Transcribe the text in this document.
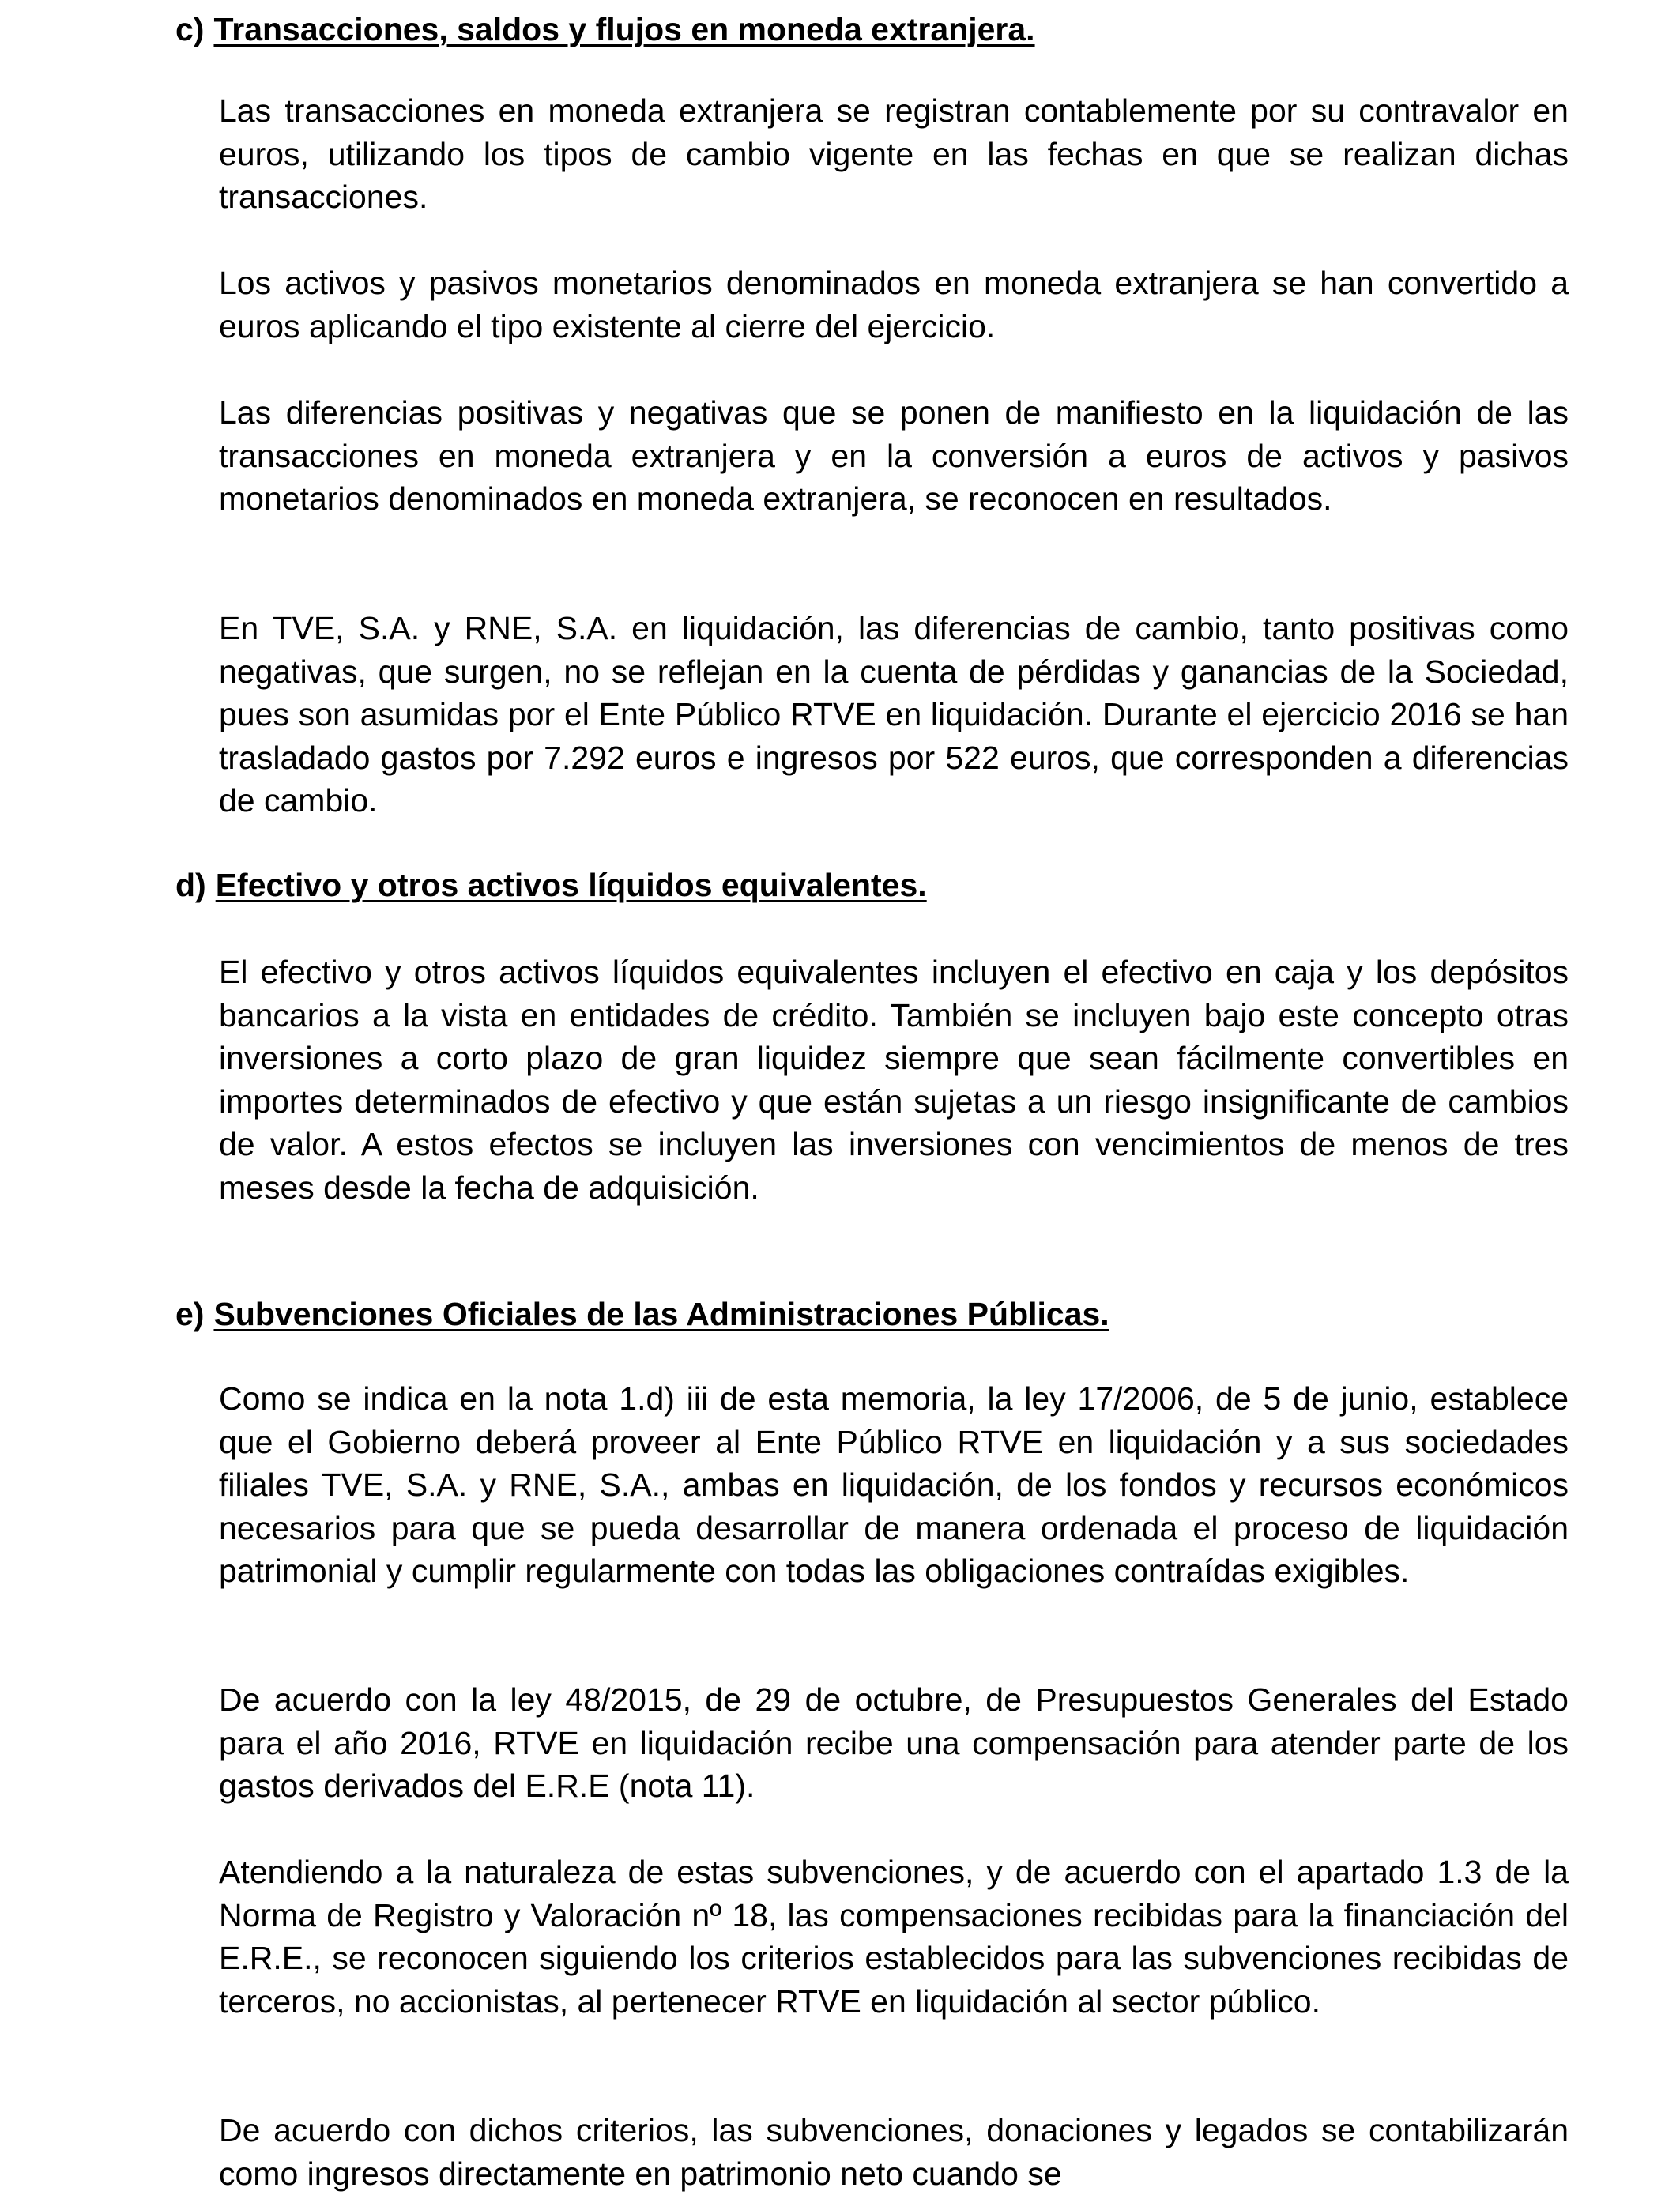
c) Transacciones, saldos y flujos en moneda extranjera.

Las transacciones en moneda extranjera se registran contablemente por su contravalor en euros, utilizando los tipos de cambio vigente en las fechas en que se realizan dichas transacciones.

Los activos y pasivos monetarios denominados en moneda extranjera se han convertido a euros aplicando el tipo existente al cierre del ejercicio.

Las diferencias positivas y negativas que se ponen de manifiesto en la liquidación de las transacciones en moneda extranjera y en la conversión a euros de activos y pasivos monetarios denominados en moneda extranjera, se reconocen en resultados.

En TVE, S.A. y RNE, S.A. en liquidación, las diferencias de cambio, tanto positivas como negativas, que surgen, no se reflejan en la cuenta de pérdidas y ganancias de la Sociedad, pues son asumidas por el Ente Público RTVE en liquidación. Durante el ejercicio 2016 se han trasladado gastos por 7.292 euros e ingresos por 522 euros, que corresponden a diferencias de cambio.

d) Efectivo y otros activos líquidos equivalentes.

El efectivo y otros activos líquidos equivalentes incluyen el efectivo en caja y los depósitos bancarios a la vista en entidades de crédito. También se incluyen bajo este concepto otras inversiones a corto plazo de gran liquidez siempre que sean fácilmente convertibles en importes determinados de efectivo y que están sujetas a un riesgo insignificante de cambios de valor. A estos efectos se incluyen las inversiones con vencimientos de menos de tres meses desde la fecha de adquisición.

e) Subvenciones Oficiales de las Administraciones Públicas.

Como se indica en la nota 1.d) iii de esta memoria, la ley 17/2006, de 5 de junio, establece que el Gobierno deberá proveer al Ente Público RTVE en liquidación y a sus sociedades filiales TVE, S.A. y RNE, S.A., ambas en liquidación, de los fondos y recursos económicos necesarios para que se pueda desarrollar de manera ordenada el proceso de liquidación patrimonial y cumplir regularmente con todas las obligaciones contraídas exigibles.

De acuerdo con la ley 48/2015, de 29 de octubre, de Presupuestos Generales del Estado para el año 2016, RTVE en liquidación recibe una compensación para atender parte de los gastos derivados del E.R.E (nota 11).

Atendiendo a la naturaleza de estas subvenciones, y de acuerdo con el apartado 1.3 de la Norma de Registro y Valoración nº 18, las compensaciones recibidas para la financiación del E.R.E., se reconocen siguiendo los criterios establecidos para las subvenciones recibidas de terceros, no accionistas, al pertenecer RTVE en liquidación al sector público.

De acuerdo con dichos criterios, las subvenciones, donaciones y legados se contabilizarán como ingresos directamente en patrimonio neto cuando se
